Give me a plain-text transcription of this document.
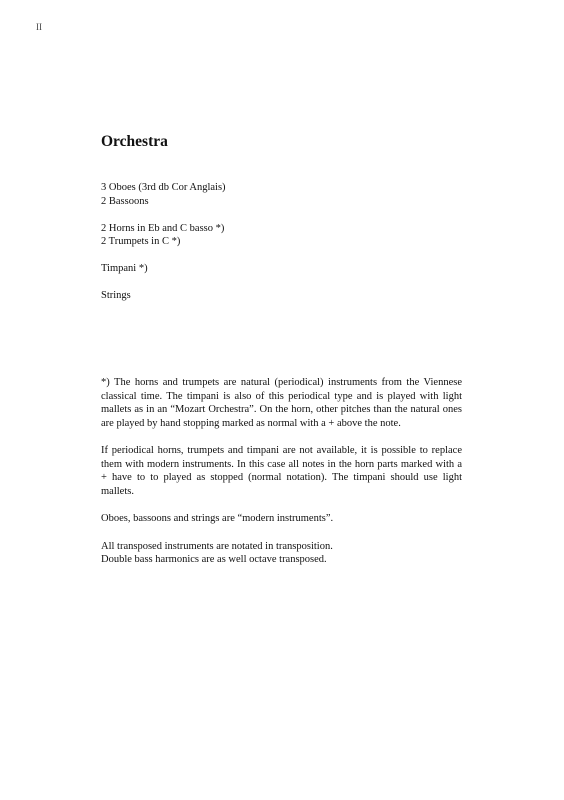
II
Orchestra

3 Oboes (3rd db Cor Anglais)

2 Bassoons

2 Horns in Eb and C basso *)

2 Trumpets in C *)

Timpani *)

Strings

*) The horns and trumpets are natural (periodical) instruments from the Viennese classical time. The timpani is also of this periodical type and is played with light mallets as in an “Mozart Orchestra”. On the horn, other pitches than the natural ones are played by hand stopping marked as normal with a + above the note.

If periodical horns, trumpets and timpani are not available, it is possible to replace them with modern instruments. In this case all notes in the horn parts marked with a + have to to played as stopped (normal notation). The timpani should use light mallets.

Oboes, bassoons and strings are “modern instruments”.

All transposed instruments are notated in transposition.
Double bass harmonics are as well octave transposed.
